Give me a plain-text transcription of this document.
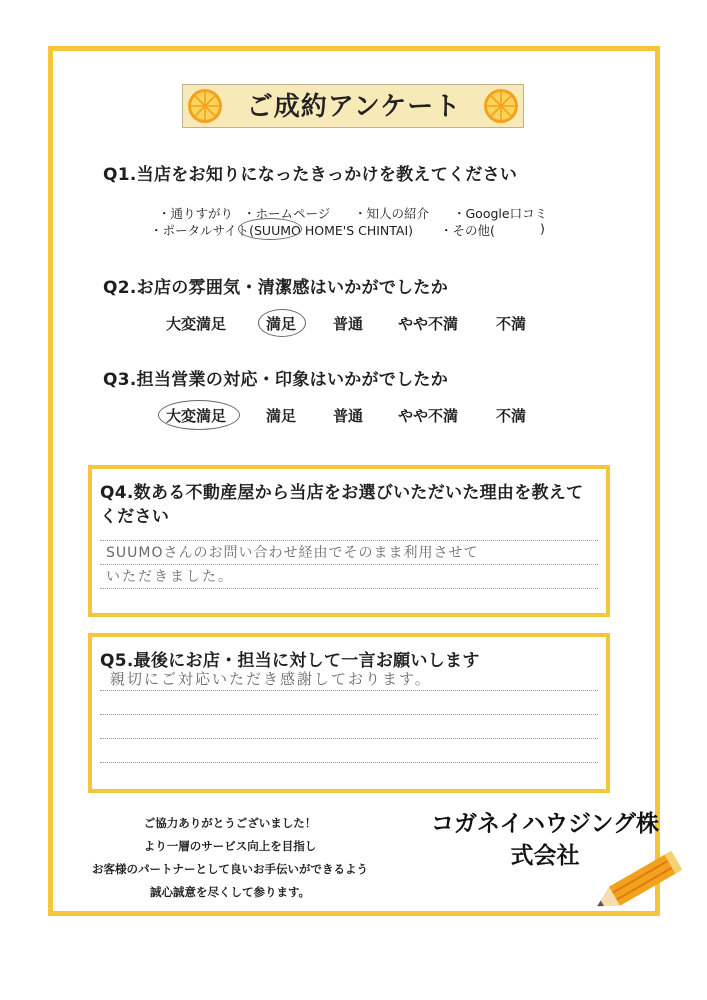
ご成約アンケート
Q1.当店をお知りになったきっかけを教えてください
・通りすがり ・ホームページ ・知人の紹介 ・Google口コミ
・ポータルサイト(SUUMO HOME'S CHINTAI) ・その他(	)
Q2.お店の雰囲気・清潔感はいかがでしたか
大変満足	満足 普通 やや不満	不満
Q3.担当営業の対応・印象はいかがでしたか
大変満足	満足 普通 やや不満	不満
Q4.数ある不動産屋から当店をお選びいただいた理由を教えて
ください
SUUMOさんのお問い合わせ経由でそのまま利用させて
いただきました。
Q5.最後にお店・担当に対して一言お願いします
親切にご対応いただき感謝しております。
ご協力ありがとうございました！
より一層のサービス向上を目指し
お客様のパートナーとして良いお手伝いができるよう
誠心誠意を尽くして参ります。
コガネイハウジング株
式会社
